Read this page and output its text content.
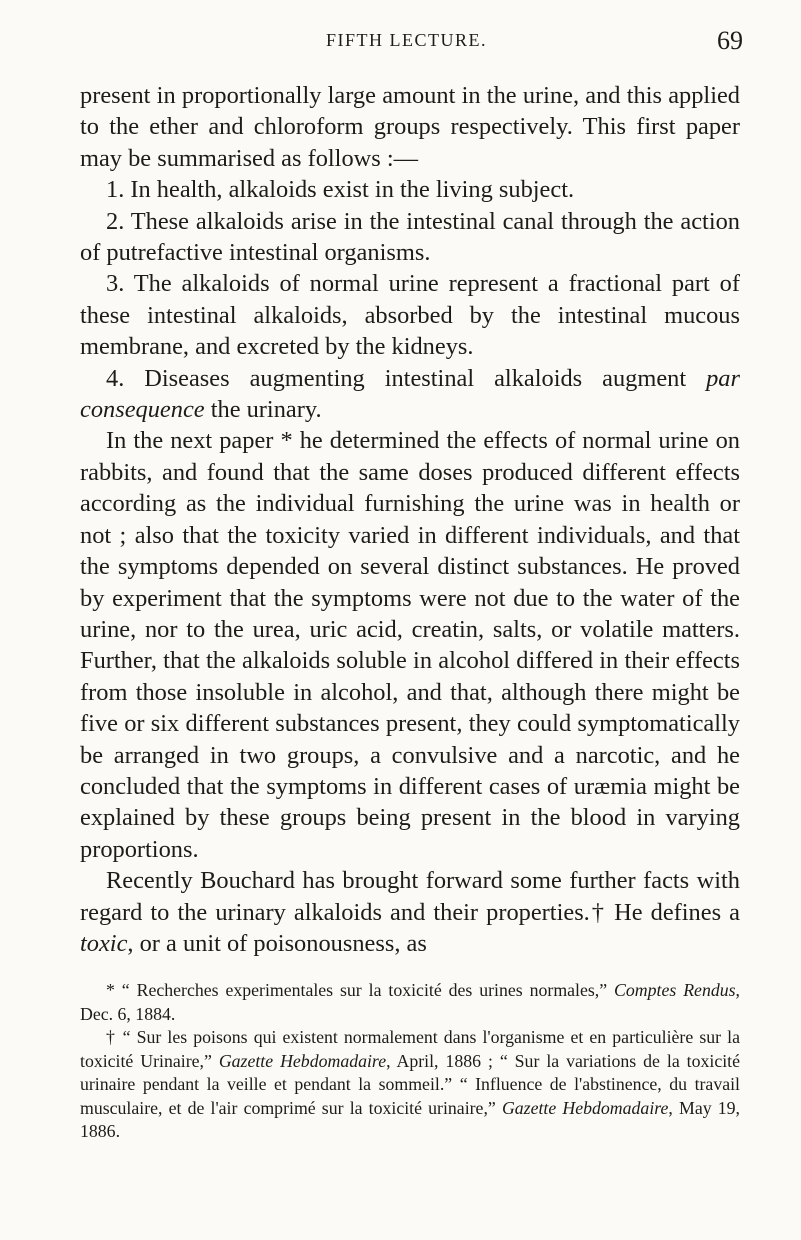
FIFTH LECTURE.	69

present in proportionally large amount in the urine, and this applied to the ether and chloroform groups respectively. This first paper may be summarised as follows :—

1. In health, alkaloids exist in the living subject.

2. These alkaloids arise in the intestinal canal through the action of putrefactive intestinal organisms.

3. The alkaloids of normal urine represent a fractional part of these intestinal alkaloids, absorbed by the intestinal mucous membrane, and excreted by the kidneys.

4. Diseases augmenting intestinal alkaloids augment par consequence the urinary.

In the next paper * he determined the effects of normal urine on rabbits, and found that the same doses produced different effects according as the individual furnishing the urine was in health or not ; also that the toxicity varied in different individuals, and that the symptoms depended on several distinct substances. He proved by experiment that the symptoms were not due to the water of the urine, nor to the urea, uric acid, creatin, salts, or volatile matters. Further, that the alkaloids soluble in alcohol differed in their effects from those insoluble in alcohol, and that, although there might be five or six different substances present, they could symptomatically be arranged in two groups, a convulsive and a narcotic, and he concluded that the symptoms in different cases of uræmia might be explained by these groups being present in the blood in varying proportions.

Recently Bouchard has brought forward some further facts with regard to the urinary alkaloids and their properties.† He defines a toxic, or a unit of poisonousness, as

* “ Recherches experimentales sur la toxicité des urines normales,” Comptes Rendus, Dec. 6, 1884.

† “ Sur les poisons qui existent normalement dans l'organisme et en particulière sur la toxicité Urinaire,” Gazette Hebdomadaire, April, 1886 ; “ Sur la variations de la toxicité urinaire pendant la veille et pendant la sommeil.” “ Influence de l'abstinence, du travail musculaire, et de l'air comprimé sur la toxicité urinaire,” Gazette Hebdomadaire, May 19, 1886.
